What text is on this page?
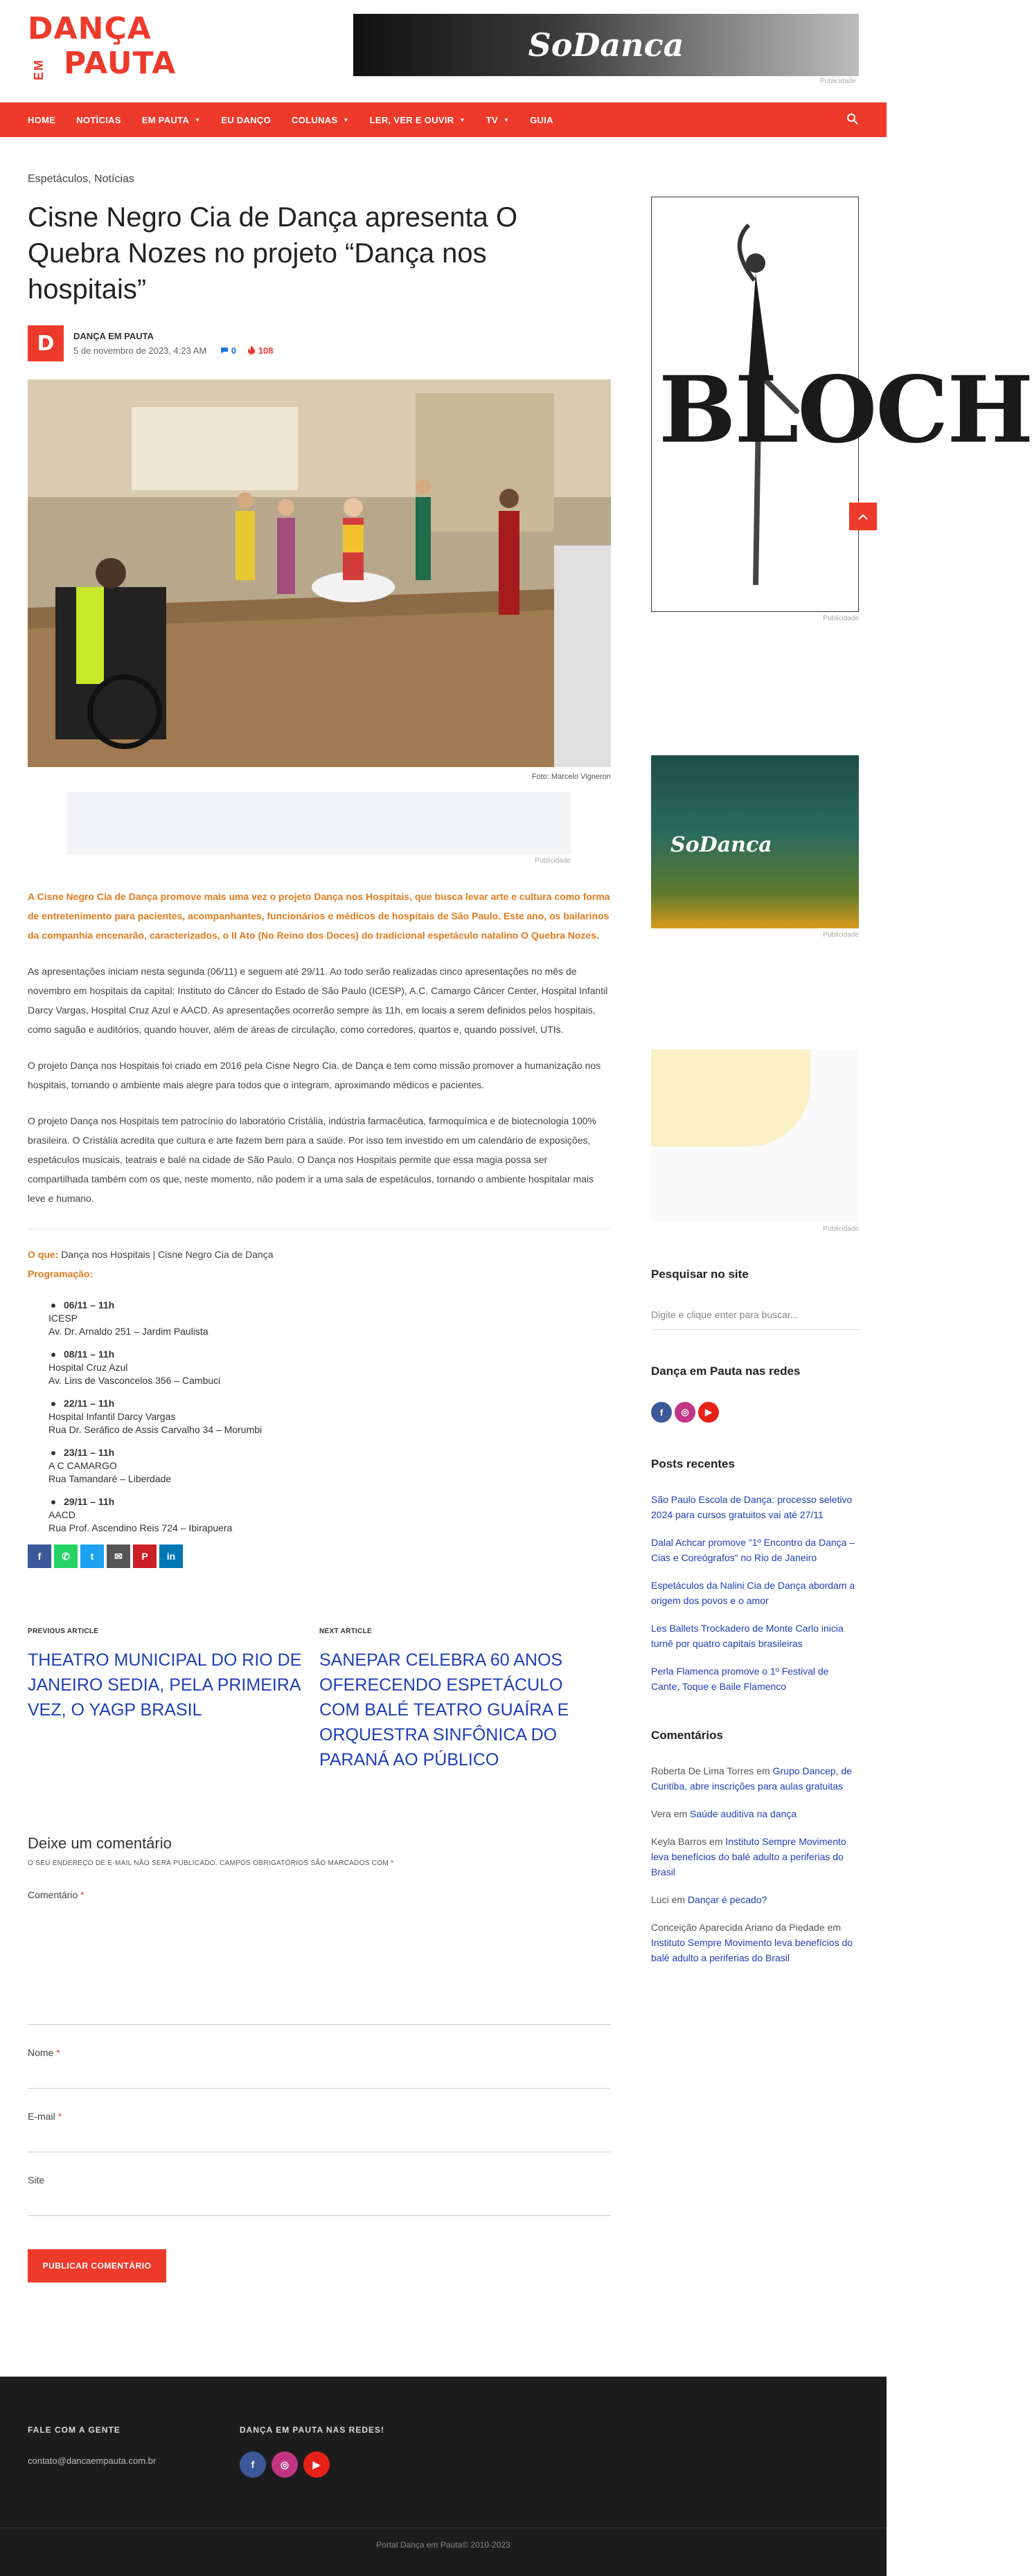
DANÇA
EM PAUTA	SoDanca
Publicidade
HOME NOTÍCIAS EM PAUTA ▼ EU DANÇO COLUNAS ▼ LER, VER E OUVIR ▼ TV ▼ GUIA
Espetáculos, Notícias
Cisne Negro Cia de Dança apresenta O Quebra Nozes no projeto “Dança nos hospitais”
D DANÇA EM PAUTA
5 de novembro de 2023, 4:23 AM	0	108
Foto: Marcelo Vigneron
Publicidade

A Cisne Negro Cia de Dança promove mais uma vez o projeto Dança nos Hospitais, que busca levar arte e cultura como forma de entretenimento para pacientes, acompanhantes, funcionários e médicos de hospitais de São Paulo. Este ano, os bailarinos da companhia encenarão, caracterizados, o II Ato (No Reino dos Doces) do tradicional espetáculo natalino O Quebra Nozes.

As apresentações iniciam nesta segunda (06/11) e seguem até 29/11. Ao todo serão realizadas cinco apresentações no mês de novembro em hospitais da capital: Instituto do Câncer do Estado de São Paulo (ICESP), A.C. Camargo Câncer Center, Hospital Infantil Darcy Vargas, Hospital Cruz Azul e AACD. As apresentações ocorrerão sempre às 11h, em locais a serem definidos pelos hospitais, como saguão e auditórios, quando houver, além de áreas de circulação, como corredores, quartos e, quando possível, UTIs.

O projeto Dança nos Hospitais foi criado em 2016 pela Cisne Negro Cia. de Dança e tem como missão promover a humanização nos hospitais, tornando o ambiente mais alegre para todos que o integram, aproximando médicos e pacientes.

O projeto Dança nos Hospitais tem patrocínio do laboratório Cristália, indústria farmacêutica, farmoquímica e de biotecnologia 100% brasileira. O Cristália acredita que cultura e arte fazem bem para a saúde. Por isso tem investido em um calendário de exposições, espetáculos musicais, teatrais e balé na cidade de São Paulo. O Dança nos Hospitais permite que essa magia possa ser compartilhada também com os que, neste momento, não podem ir a uma sala de espetáculos, tornando o ambiente hospitalar mais leve e humano.

O que: Dança nos Hospitais | Cisne Negro Cia de Dança
Programação:
06/11 – 11h
ICESP
Av. Dr. Arnaldo 251 – Jardim Paulista
08/11 – 11h
Hospital Cruz Azul
Av. Lins de Vasconcelos 356 – Cambuci
22/11 – 11h
Hospital Infantil Darcy Vargas
Rua Dr. Seráfico de Assis Carvalho 34 – Morumbi
23/11 – 11h
A C CAMARGO
Rua Tamandaré – Liberdade
29/11 – 11h
AACD
Rua Prof. Ascendino Reis 724 – Ibirapuera
f	✆	t	✉	P	in
PREVIOUS ARTICLE
THEATRO MUNICIPAL DO RIO DE JANEIRO SEDIA, PELA PRIMEIRA VEZ, O YAGP BRASIL
NEXT ARTICLE
SANEPAR CELEBRA 60 ANOS OFERECENDO ESPETÁCULO COM BALÉ TEATRO GUAÍRA E ORQUESTRA SINFÔNICA DO PARANÁ AO PÚBLICO
Deixe um comentário
O SEU ENDEREÇO DE E-MAIL NÃO SERÁ PUBLICADO. CAMPOS OBRIGATÓRIOS SÃO MARCADOS COM *
Comentário *
Nome *
E-mail *
Site
PUBLICAR COMENTÁRIO
BLOCH
Publicidade
SoDanca
Publicidade
Publicidade
Pesquisar no site
Digite e clique enter para buscar...
Dança em Pauta nas redes
f	◎	▶
Posts recentes
São Paulo Escola de Dança: processo seletivo 2024 para cursos gratuitos vai até 27/11
Dalal Achcar promove "1º Encontro da Dança – Cias e Coreógrafos" no Rio de Janeiro
Espetáculos da Nalini Cia de Dança abordam a origem dos povos e o amor
Les Ballets Trockadero de Monte Carlo inicia turnê por quatro capitais brasileiras
Perla Flamenca promove o 1º Festival de Cante, Toque e Baile Flamenco
Comentários
Roberta De Lima Torres em Grupo Dancep, de Curitiba, abre inscrições para aulas gratuitas
Vera em Saúde auditiva na dança
Keyla Barros em Instituto Sempre Movimento leva benefícios do balé adulto a periferias do Brasil
Luci em Dançar é pecado?
Conceição Aparecida Ariano da Piedade em Instituto Sempre Movimento leva benefícios do balé adulto a periferias do Brasil
FALE COM A GENTE
contato@dancaempauta.com.br
DANÇA EM PAUTA NAS REDES!
f	◎	▶
Portal Dança em Pauta© 2010-2023
